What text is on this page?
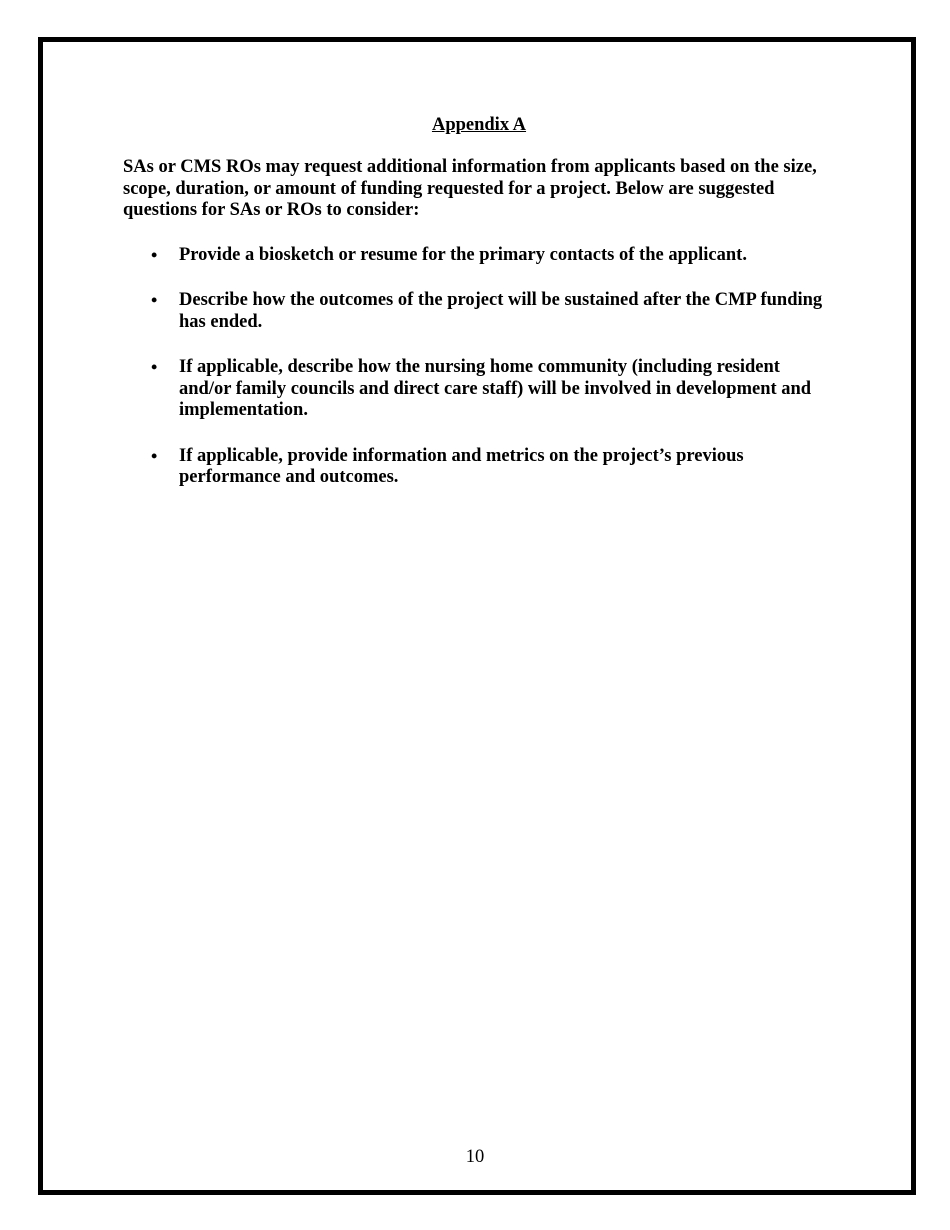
Appendix A

SAs or CMS ROs may request additional information from applicants based on the size, scope, duration, or amount of funding requested for a project. Below are suggested questions for SAs or ROs to consider:

• Provide a biosketch or resume for the primary contacts of the applicant.
• Describe how the outcomes of the project will be sustained after the CMP funding has ended.
• If applicable, describe how the nursing home community (including resident and/or family councils and direct care staff) will be involved in development and implementation.
• If applicable, provide information and metrics on the project’s previous performance and outcomes.
10
